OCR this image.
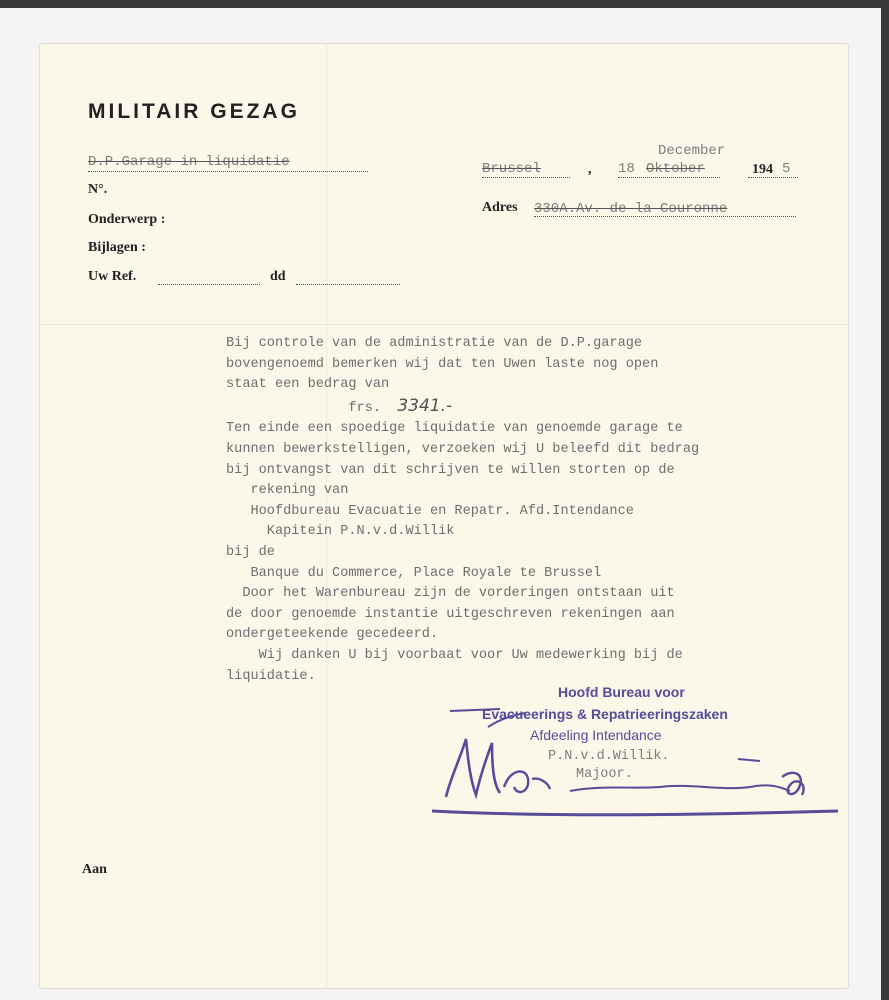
MILITAIR GEZAG
D.P.Garage in liquidatie
N°.
Onderwerp :
Bijlagen :
Uw Ref.	dd
December
Brussel	, 18 Oktober	194 5
Adres 330A.Av. de la Couronne
Bij controle van de administratie van de D.P.garage
bovengenoemd bemerken wij dat ten Uwen laste nog open
staat een bedrag van
frs. 3341.-
Ten einde een spoedige liquidatie van genoemde garage te
kunnen bewerkstelligen, verzoeken wij U beleefd dit bedrag
bij ontvangst van dit schrijven te willen storten op de
rekening van
Hoofdbureau Evacuatie en Repatr. Afd.Intendance
Kapitein P.N.v.d.Willik
bij de
Banque du Commerce, Place Royale te Brussel
Door het Warenbureau zijn de vorderingen ontstaan uit
de door genoemde instantie uitgeschreven rekeningen aan
ondergeteekende gecedeerd.
Wij danken U bij voorbaat voor Uw medewerking bij de
liquidatie.
Hoofd Bureau voor
Evacueerings & Repatrieeringszaken
Afdeeling Intendance
P.N.v.d.Willik.
Majoor.
Aan
